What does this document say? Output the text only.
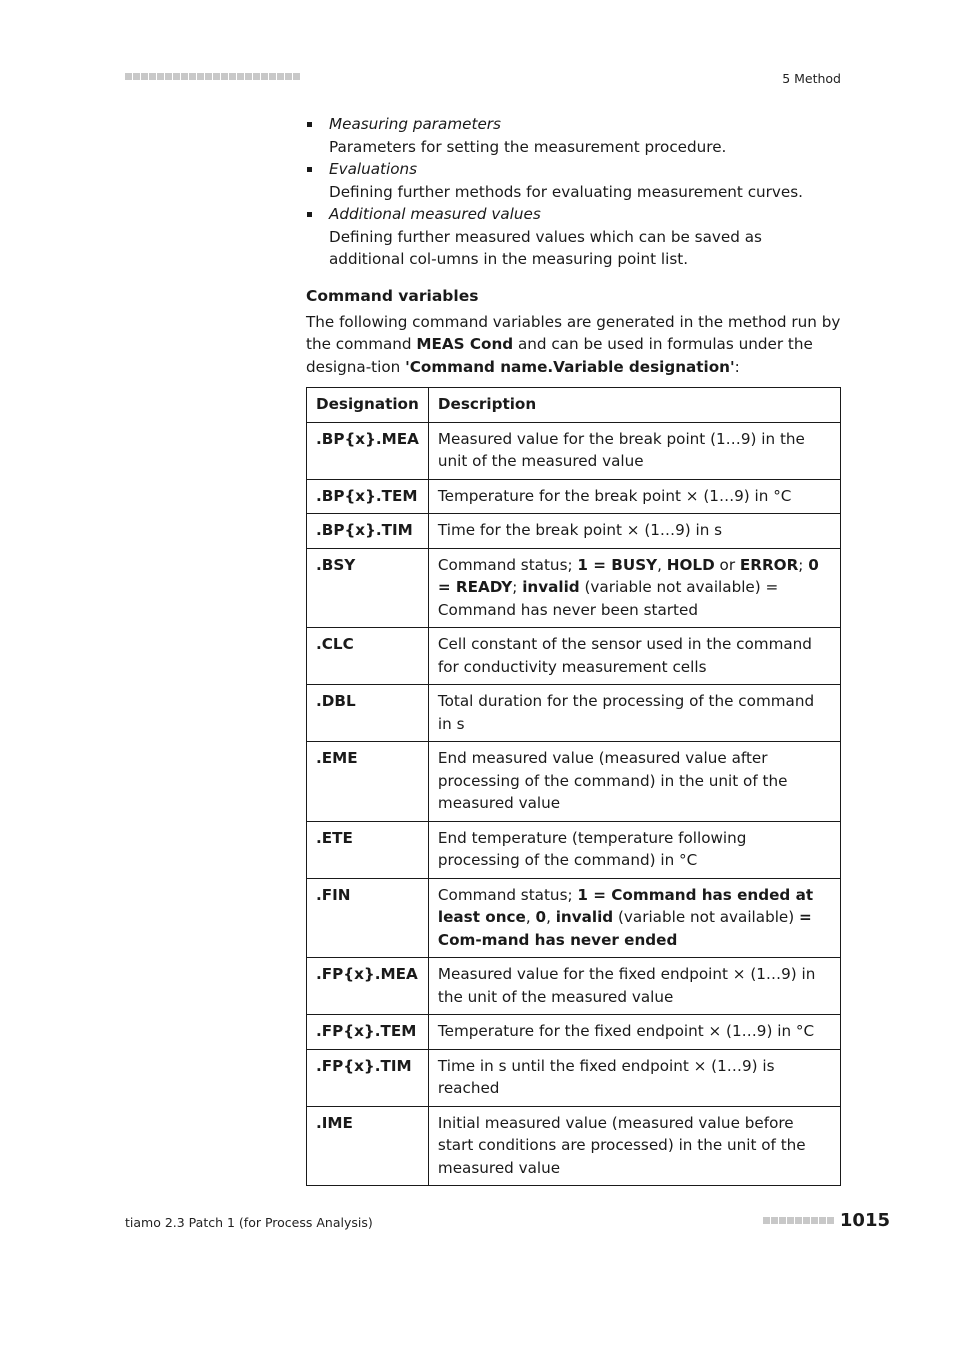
5 Method
Measuring parameters
Parameters for setting the measurement procedure.
Evaluations
Defining further methods for evaluating measurement curves.
Additional measured values
Defining further measured values which can be saved as additional col-umns in the measuring point list.
Command variables

The following command variables are generated in the method run by the command MEAS Cond and can be used in formulas under the designa-tion 'Command name.Variable designation':

Designation	Description
.BP{x}.MEA	Measured value for the break point (1…9) in the unit of the measured value
.BP{x}.TEM	Temperature for the break point × (1…9) in °C
.BP{x}.TIM	Time for the break point × (1…9) in s
.BSY	Command status; 1 = BUSY, HOLD or ERROR; 0 = READY; invalid (variable not available) = Command has never been started
.CLC	Cell constant of the sensor used in the command for conductivity measurement cells
.DBL	Total duration for the processing of the command in s
.EME	End measured value (measured value after processing of the command) in the unit of the measured value
.ETE	End temperature (temperature following processing of the command) in °C
.FIN	Command status; 1 = Command has ended at least once, 0, invalid (variable not available) = Com-mand has never ended
.FP{x}.MEA	Measured value for the fixed endpoint × (1…9) in the unit of the measured value
.FP{x}.TEM	Temperature for the fixed endpoint × (1…9) in °C
.FP{x}.TIM	Time in s until the fixed endpoint × (1…9) is reached
.IME	Initial measured value (measured value before start conditions are processed) in the unit of the measured value
tiamo 2.3 Patch 1 (for Process Analysis)	1015
